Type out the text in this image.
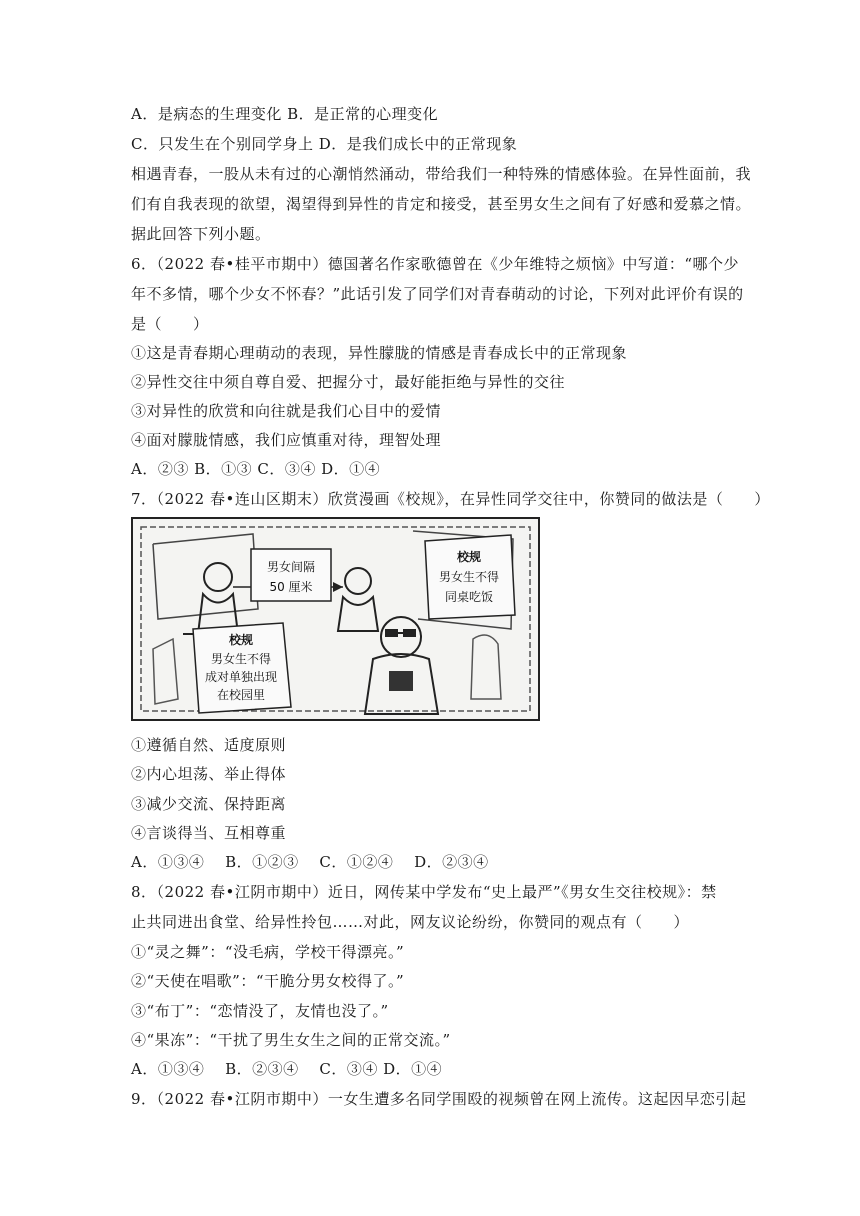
A．是病态的生理变化 B．是正常的心理变化
C．只发生在个别同学身上 D．是我们成长中的正常现象
相遇青春，一股从未有过的心潮悄然涌动，带给我们一种特殊的情感体验。在异性面前，我
们有自我表现的欲望，渴望得到异性的肯定和接受，甚至男女生之间有了好感和爱慕之情。
据此回答下列小题。
6．（2022 春•桂平市期中）德国著名作家歌德曾在《少年维特之烦恼》中写道：“哪个少
年不多情，哪个少女不怀春？”此话引发了同学们对青春萌动的讨论，下列对此评价有误的
是（　　）
①这是青春期心理萌动的表现，异性朦胧的情感是青春成长中的正常现象
②异性交往中须自尊自爱、把握分寸，最好能拒绝与异性的交往
③对异性的欣赏和向往就是我们心目中的爱情
④面对朦胧情感，我们应慎重对待，理智处理
A．②③ B．①③ C．③④ D．①④
7．（2022 春•连山区期末）欣赏漫画《校规》，在异性同学交往中，你赞同的做法是（　　）
男女间隔
50 厘米
校规
男女生不得
同桌吃饭
校规
男女生不得
成对单独出现
在校园里
①遵循自然、适度原则
②内心坦荡、举止得体
③减少交流、保持距离
④言谈得当、互相尊重
A．①③④　 B．①②③　 C．①②④　 D．②③④
8．（2022 春•江阴市期中）近日，网传某中学发布“史上最严”《男女生交往校规》：禁
止共同进出食堂、给异性拎包……对此，网友议论纷纷，你赞同的观点有（　　）
①“灵之舞”：“没毛病，学校干得漂亮。”
②“天使在唱歌”：“干脆分男女校得了。”
③“布丁”：“恋情没了，友情也没了。”
④“果冻”：“干扰了男生女生之间的正常交流。”
A．①③④　 B．②③④　 C．③④ D．①④
9．（2022 春•江阴市期中）一女生遭多名同学围殴的视频曾在网上流传。这起因早恋引起
